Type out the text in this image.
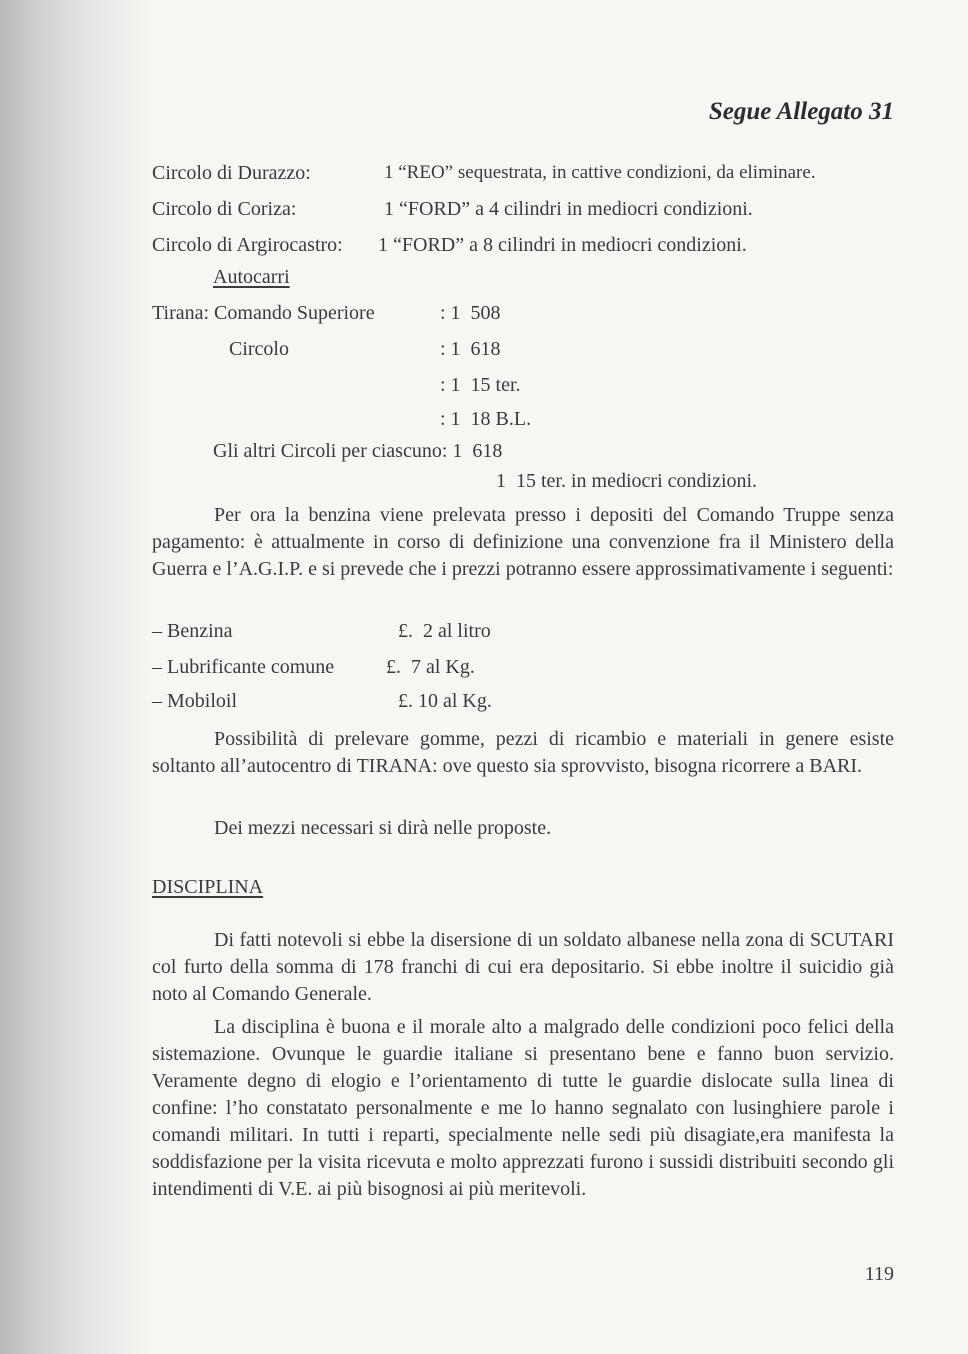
Segue Allegato 31
Circolo di Durazzo:	1 “REO” sequestrata, in cattive condizioni, da eliminare.
Circolo di Coriza:	1 “FORD” a 4 cilindri in mediocri condizioni.
Circolo di Argirocastro: 1 “FORD” a 8 cilindri in mediocri condizioni.
Autocarri
Tirana: Comando Superiore	: 1  508
Circolo	: 1  618
: 1  15 ter.
: 1  18 B.L.
Gli altri Circoli per ciascuno: 1  618
1  15 ter. in mediocri condizioni.

Per ora la benzina viene prelevata presso i depositi del Comando Truppe senza pagamento: è attualmente in corso di definizione una convenzione fra il Ministero della Guerra e l’A.G.I.P. e si prevede che i prezzi potranno essere approssimativamente i seguenti:

– Benzina	£.  2 al litro
– Lubrificante comune	£.  7 al Kg.
– Mobiloil	£. 10 al Kg.

Possibilità di prelevare gomme, pezzi di ricambio e materiali in genere esiste soltanto all’autocentro di TIRANA: ove questo sia sprovvisto, bisogna ricorrere a BARI.

Dei mezzi necessari si dirà nelle proposte.

DISCIPLINA

Di fatti notevoli si ebbe la disersione di un soldato albanese nella zona di SCUTARI col furto della somma di 178 franchi di cui era depositario. Si ebbe inoltre il suicidio già noto al Comando Generale.

La disciplina è buona e il morale alto a malgrado delle condizioni poco felici della sistemazione. Ovunque le guardie italiane si presentano bene e fanno buon servizio. Veramente degno di elogio e l’orientamento di tutte le guardie dislocate sulla linea di confine: l’ho constatato personalmente e me lo hanno segnalato con lusinghiere parole i comandi militari. In tutti i reparti, specialmente nelle sedi più disagiate,era manifesta la soddisfazione per la visita ricevuta e molto apprezzati furono i sussidi distribuiti secondo gli intendimenti di V.E. ai più bisognosi ai più meritevoli.

119
